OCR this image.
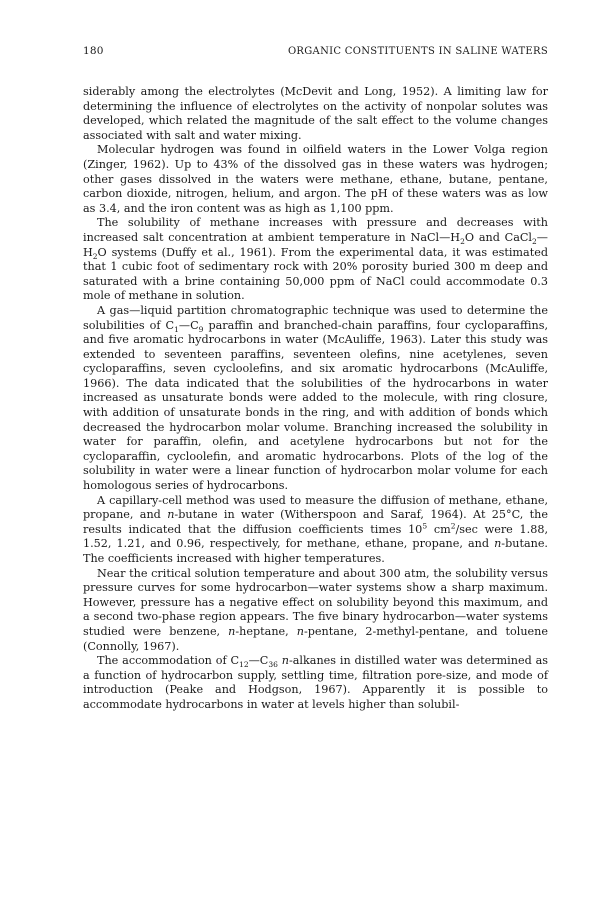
180	ORGANIC CONSTITUENTS IN SALINE WATERS

siderably among the electrolytes (McDevit and Long, 1952). A limiting law for determining the influence of electrolytes on the activity of nonpolar solutes was developed, which related the magnitude of the salt effect to the volume changes associated with salt and water mixing.

Molecular hydrogen was found in oilfield waters in the Lower Volga region (Zinger, 1962). Up to 43% of the dissolved gas in these waters was hydrogen; other gases dissolved in the waters were methane, ethane, butane, pentane, carbon dioxide, nitrogen, helium, and argon. The pH of these waters was as low as 3.4, and the iron content was as high as 1,100 ppm.

The solubility of methane increases with pressure and decreases with increased salt concentration at ambient temperature in $NaCl—H_2O$ and $CaCl_2—H_2O$ systems (Duffy et al., 1961). From the experimental data, it was estimated that 1 cubic foot of sedimentary rock with 20% porosity buried 300 m deep and saturated with a brine containing 50,000 ppm of NaCl could accommodate 0.3 mole of methane in solution.

A gas—liquid partition chromatographic technique was used to determine the solubilities of $C_1—C_9$ paraffin and branched-chain paraffins, four cycloparaffins, and five aromatic hydrocarbons in water (McAuliffe, 1963). Later this study was extended to seventeen paraffins, seventeen olefins, nine acetylenes, seven cycloparaffins, seven cycloolefins, and six aromatic hydrocarbons (McAuliffe, 1966). The data indicated that the solubilities of the hydrocarbons in water increased as unsaturate bonds were added to the molecule, with ring closure, with addition of unsaturate bonds in the ring, and with addition of bonds which decreased the hydrocarbon molar volume. Branching increased the solubility in water for paraffin, olefin, and acetylene hydrocarbons but not for the cycloparaffin, cycloolefin, and aromatic hydrocarbons. Plots of the log of the solubility in water were a linear function of hydrocarbon molar volume for each homologous series of hydrocarbons.

A capillary-cell method was used to measure the diffusion of methane, ethane, propane, and n-butane in water (Witherspoon and Saraf, 1964). At 25°C, the results indicated that the diffusion coefficients times $10^5$ $cm^2/\sec$ were 1.88, 1.52, 1.21, and 0.96, respectively, for methane, ethane, propane, and n-butane. The coefficients increased with higher temperatures.

Near the critical solution temperature and about 300 atm, the solubility versus pressure curves for some hydrocarbon—water systems show a sharp maximum. However, pressure has a negative effect on solubility beyond this maximum, and a second two-phase region appears. The five binary hydrocarbon—water systems studied were benzene, n-heptane, n-pentane, 2-methyl-pentane, and toluene (Connolly, 1967).

The accommodation of $C_{12}—C_{36}$ n-alkanes in distilled water was determined as a function of hydrocarbon supply, settling time, filtration pore-size, and mode of introduction (Peake and Hodgson, 1967). Apparently it is possible to accommodate hydrocarbons in water at levels higher than solubil-
